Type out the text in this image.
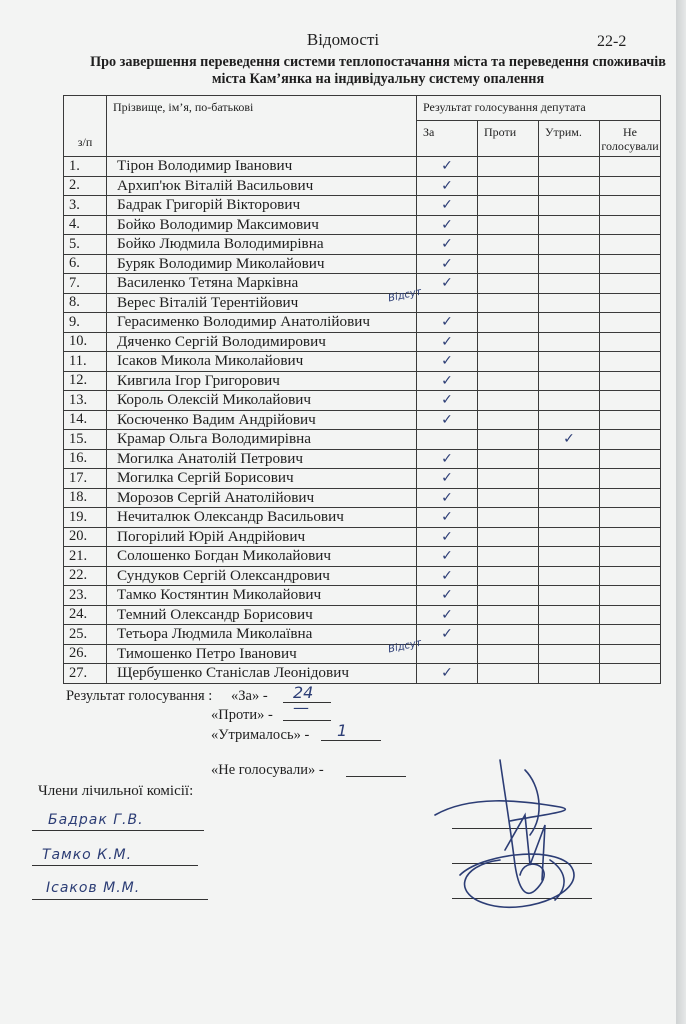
Відомості	22-2
Про завершення переведення системи теплопостачання міста та переведення споживачів міста Кам’янка на індивідуальну систему опалення
з/п	Прізвище, ім’я, по-батькові	Результат голосування депутата			
		За	Проти	Утрим.	Не голосували
1.	Тірон Володимир Іванович	✓			
2.	Архип'юк Віталій Васильович	✓			
3.	Бадрак Григорій Вікторович	✓			
4.	Бойко Володимир Максимович	✓			
5.	Бойко Людмила Володимирівна	✓			
6.	Буряк Володимир Миколайович	✓			
7.	Василенко Тетяна Марківна	✓			
8.	Верес Віталій Терентійович Відсут				

9.	Герасименко Володимир Анатолійович	✓			
10.	Дяченко Сергій Володимирович	✓			
11.	Ісаков Микола Миколайович	✓			
12.	Кивгила Ігор Григорович	✓			
13.	Король Олексій Миколайович	✓			
14.	Косюченко Вадим Андрійович	✓			
15.	Крамар Ольга Володимирівна			✓	
16.	Могилка Анатолій Петрович	✓			
17.	Могилка Сергій Борисович	✓			
18.	Морозов Сергій Анатолійович	✓			
19.	Нечиталюк Олександр Васильович	✓			
20.	Погорілий Юрій Андрійович	✓			
21.	Солошенко Богдан Миколайович	✓			
22.	Сундуков Сергій Олександрович	✓			
23.	Тамко Костянтин Миколайович	✓			
24.	Темний Олександр Борисович	✓			
25.	Тетьора Людмила Миколаївна	✓			
26.	Тимошенко Петро Іванович Відсут				

27.	Щербушенко Станіслав Леонідович	✓			
Результат голосування : «За» - 24
«Проти» - —
«Утрималось» - 1
«Не голосували» -
Члени лічильної комісії:
Бадрак Г.В.
Тамко К.М.
Ісаков М.М.
